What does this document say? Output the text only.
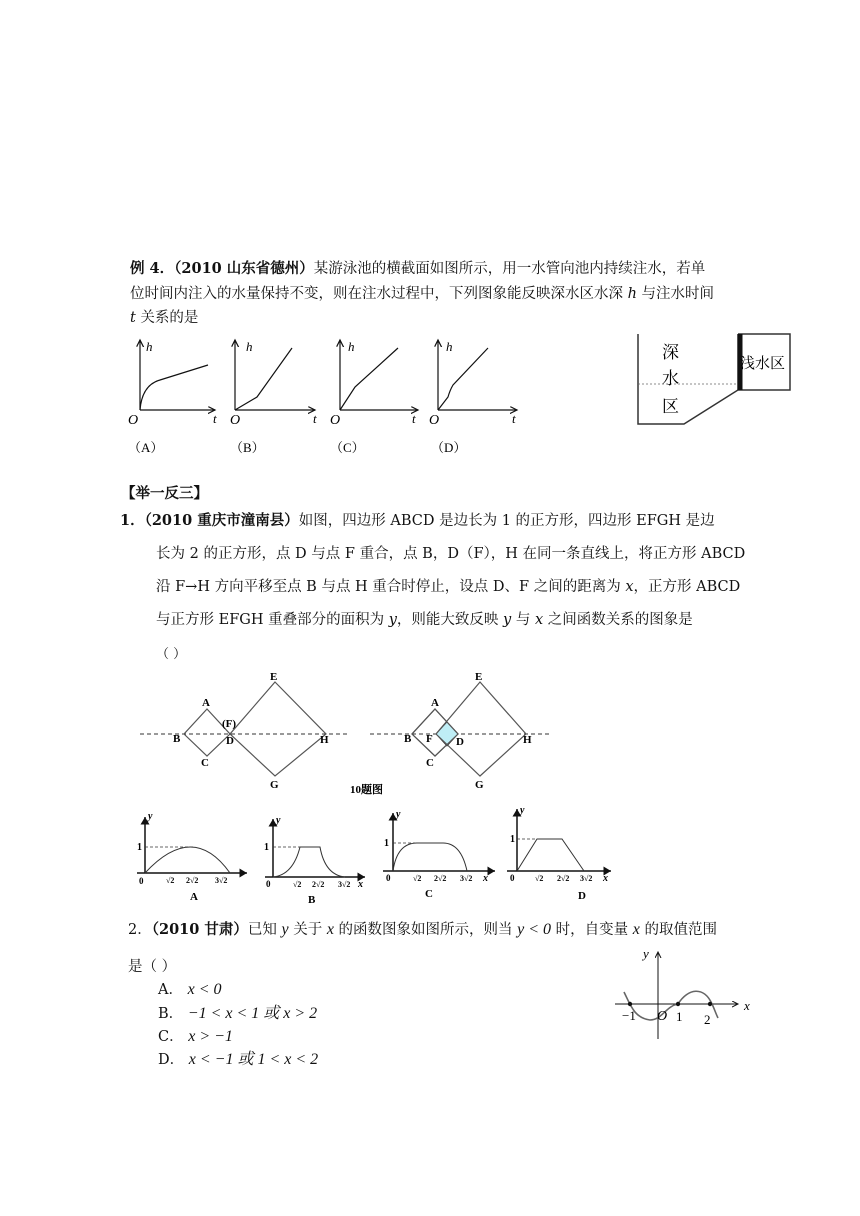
例 4．（2010 山东省德州）某游泳池的横截面如图所示，用一水管向池内持续注水，若单
位时间内注入的水量保持不变，则在注水过程中，下列图象能反映深水区水深 h 与注水时间
t 关系的是
h
O	t
（A）
h
O	t
（B）
h
O	t
（C）
h
O	t
（D）
深
水
区
浅水区
【举一反三】
1．（2010 重庆市潼南县）如图，四边形 ABCD 是边长为 1 的正方形，四边形 EFGH 是边
长为 2 的正方形，点 D 与点 F 重合，点 B，D（F），H 在同一条直线上，将正方形 ABCD
沿 F→H 方向平移至点 B 与点 H 重合时停止，设点 D、F 之间的距离为 x，正方形 ABCD
与正方形 EFGH 重叠部分的面积为 y，则能大致反映 y 与 x 之间函数关系的图象是
（ ）
A
B
C
D
(F)
E
H
G
A
B
C
F D
E
H
G
10题图
y
1
0	√2 2√2 3√2
A
y
1
0	√2 2√2 3√2 x
B
y
1
0	√2 2√2 3√2 x
C
y
1
0	√2 2√2 3√2 x
D
2．（2010 甘肃）已知 y 关于 x 的函数图象如图所示，则当 y < 0 时，自变量 x 的取值范围
是（ ）
A． x < 0
B． −1 < x < 1 或 x > 2
C． x > −1
D． x < −1 或 1 < x < 2
y
x
O
−1	1 2
